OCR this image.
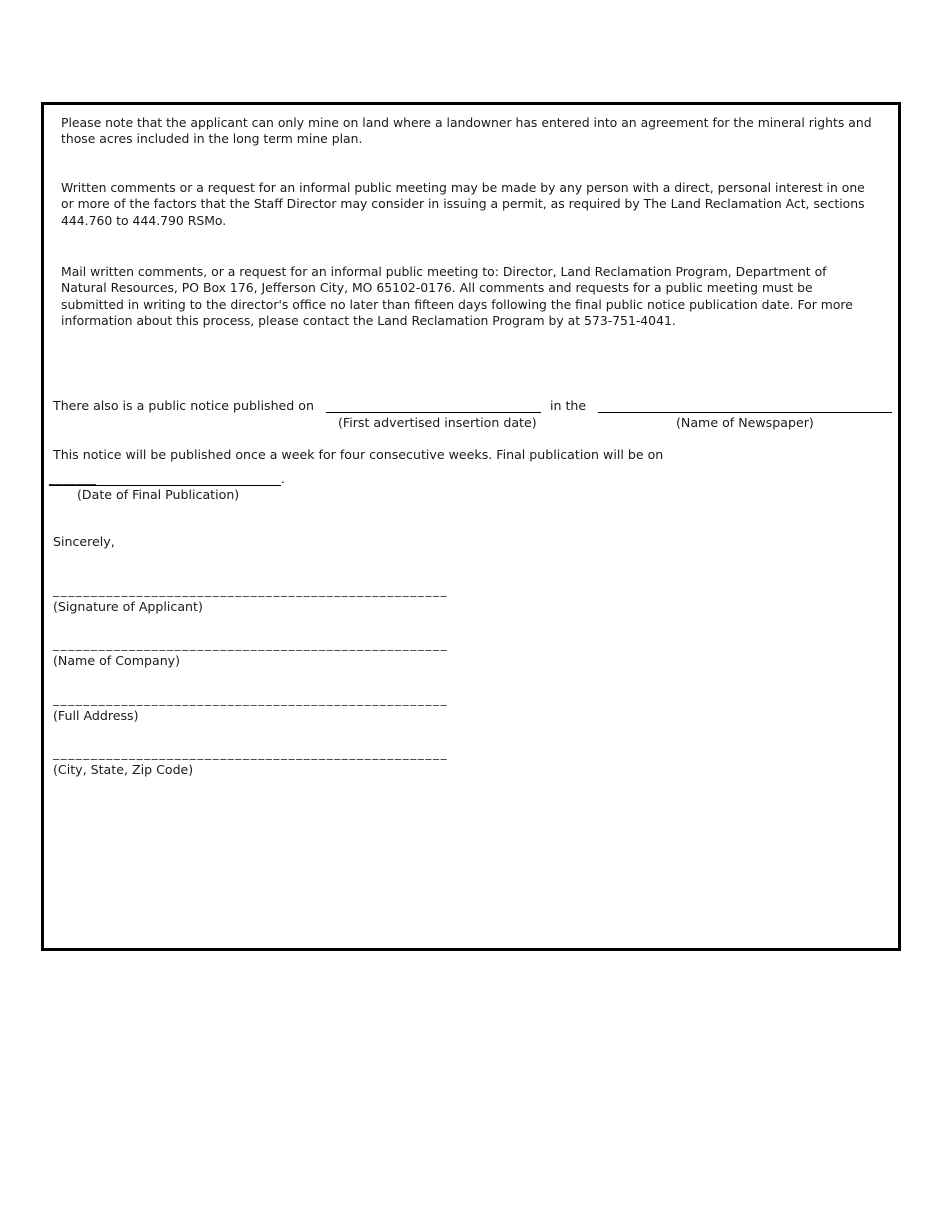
Please note that the applicant can only mine on land where a landowner has entered into an agreement for the mineral rights and those acres included in the long term mine plan.

Written comments or a request for an informal public meeting may be made by any person with a direct, personal interest in one or more of the factors that the Staff Director may consider in issuing a permit, as required by The Land Reclamation Act, sections 444.760 to 444.790 RSMo.

Mail written comments, or a request for an informal public meeting to: Director, Land Reclamation Program, Department of Natural Resources, PO Box 176, Jefferson City, MO 65102-0176. All comments and requests for a public meeting must be submitted in writing to the director's office no later than fifteen days following the final public notice publication date. For more information about this process, please contact the Land Reclamation Program by at 573-751-4041.

There also is a public notice published on	in the
(First advertised insertion date)	(Name of Newspaper)
This notice will be published once a week for four consecutive weeks. Final publication will be on
_______	.
(Date of Final Publication)
Sincerely,
____________________________________________________
(Signature of Applicant)
____________________________________________________
(Name of Company)
____________________________________________________
(Full Address)
____________________________________________________
(City, State, Zip Code)
